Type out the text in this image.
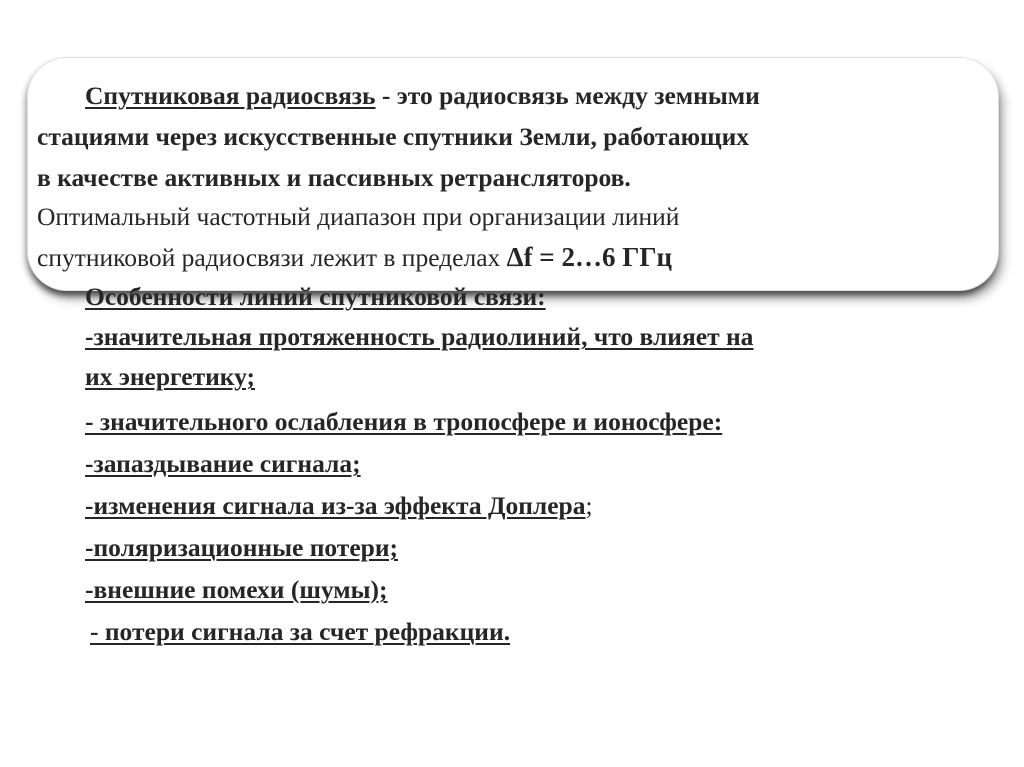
Спутниковая радиосвязь - это радиосвязь между земными
стациями через искусственные спутники Земли, работающих
в качестве активных и пассивных ретрансляторов.
Оптимальный частотный диапазон при организации линий
спутниковой радиосвязи лежит в пределах Δf = 2…6 ГГц
Особенности линий спутниковой связи:
-значительная протяженность радиолиний, что влияет на
их энергетику;
- значительного ослабления в тропосфере и ионосфере:
-запаздывание сигнала;
-изменения сигнала из-за эффекта Доплера;
-поляризационные потери;
-внешние помехи (шумы);
- потери сигнала за счет рефракции.
